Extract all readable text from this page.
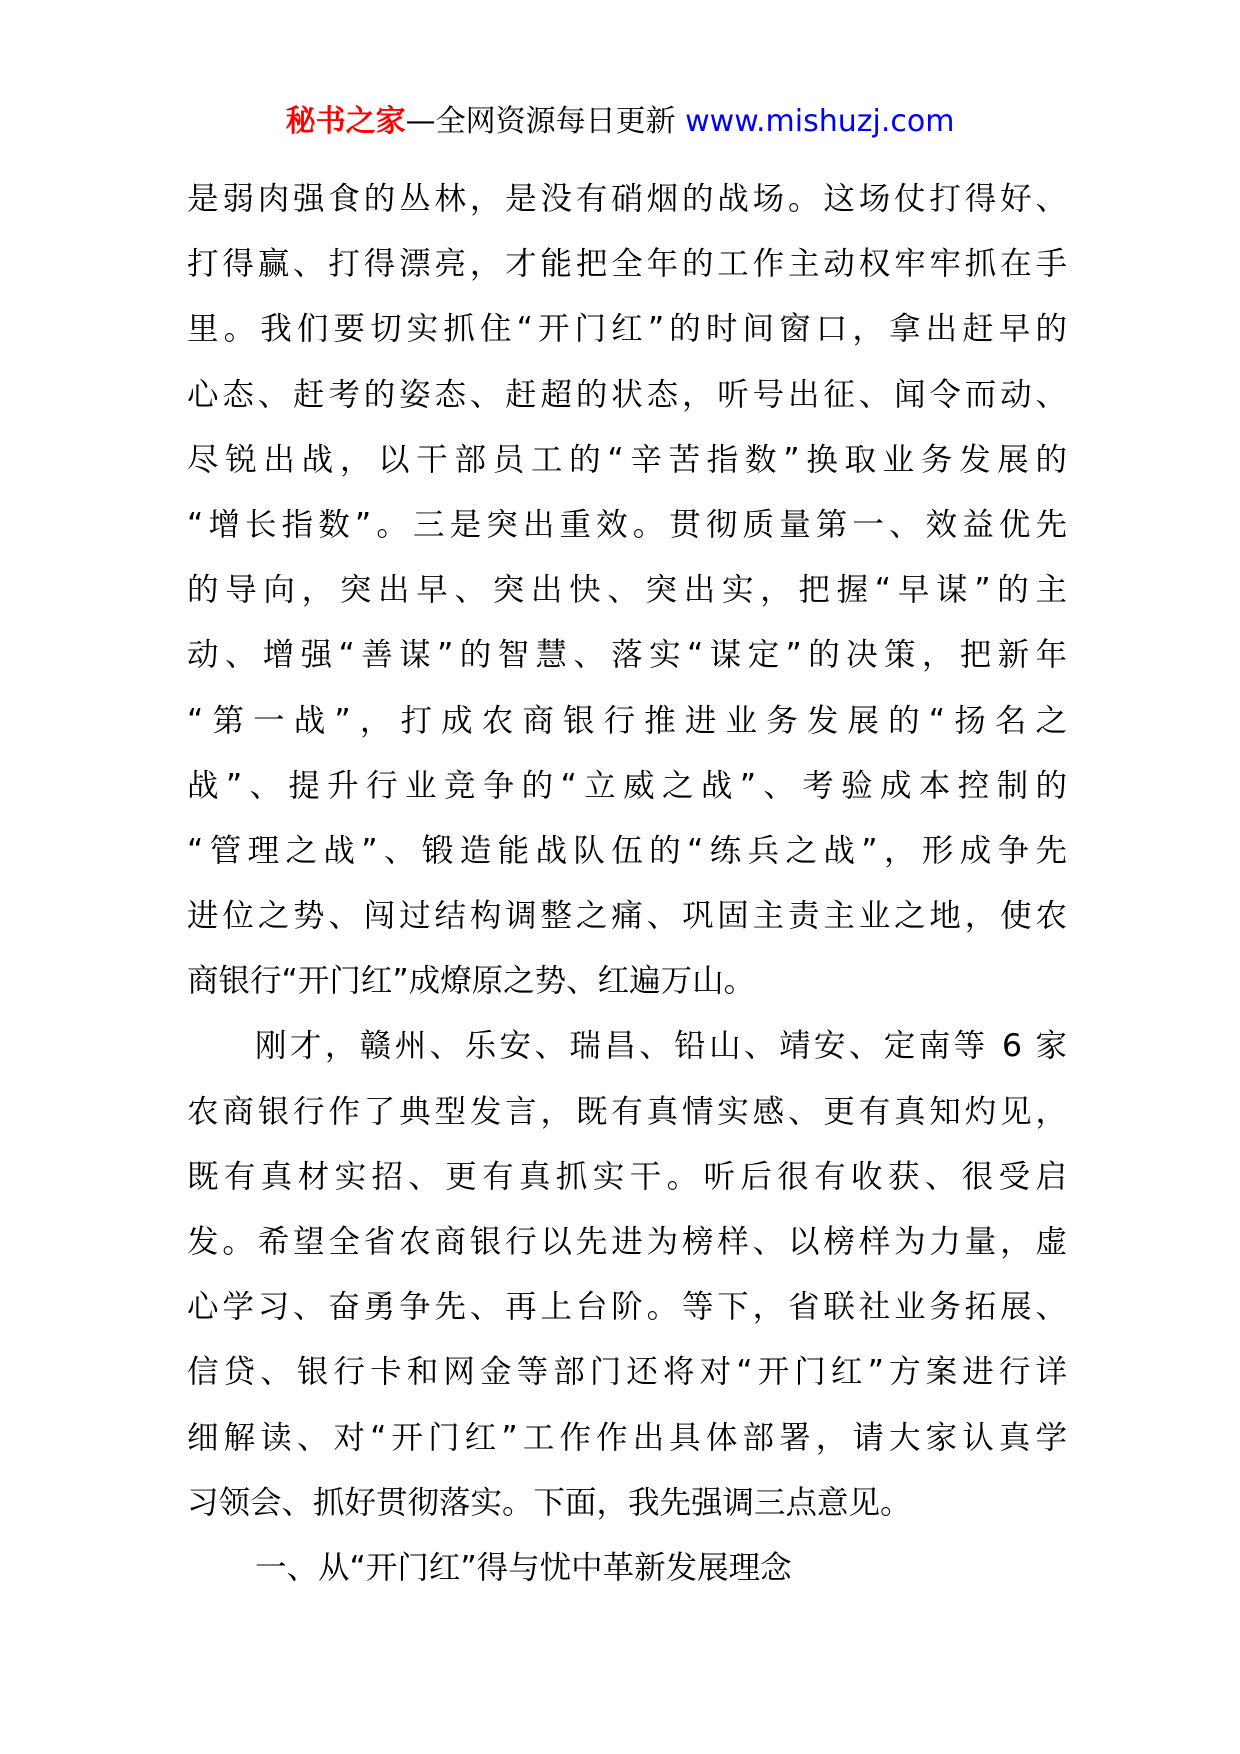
秘书之家—全网资源每日更新 www.mishuzj.com
是弱肉强食的丛林，是没有硝烟的战场。这场仗打得好、
打得赢、打得漂亮，才能把全年的工作主动权牢牢抓在手
里。我们要切实抓住“开门红”的时间窗口，拿出赶早的
心态、赶考的姿态、赶超的状态，听号出征、闻令而动、
尽锐出战，以干部员工的“辛苦指数”换取业务发展的
“增长指数”。三是突出重效。贯彻质量第一、效益优先
的导向，突出早、突出快、突出实，把握“早谋”的主
动、增强“善谋”的智慧、落实“谋定”的决策，把新年
“第一战”，打成农商银行推进业务发展的“扬名之
战”、提升行业竞争的“立威之战”、考验成本控制的
“管理之战”、锻造能战队伍的“练兵之战”，形成争先
进位之势、闯过结构调整之痛、巩固主责主业之地，使农
商银行“开门红”成燎原之势、红遍万山。
刚才，赣州、乐安、瑞昌、铅山、靖安、定南等 6 家
农商银行作了典型发言，既有真情实感、更有真知灼见，
既有真材实招、更有真抓实干。听后很有收获、很受启
发。希望全省农商银行以先进为榜样、以榜样为力量，虚
心学习、奋勇争先、再上台阶。等下，省联社业务拓展、
信贷、银行卡和网金等部门还将对“开门红”方案进行详
细解读、对“开门红”工作作出具体部署，请大家认真学
习领会、抓好贯彻落实。下面，我先强调三点意见。
一、从“开门红”得与忧中革新发展理念
